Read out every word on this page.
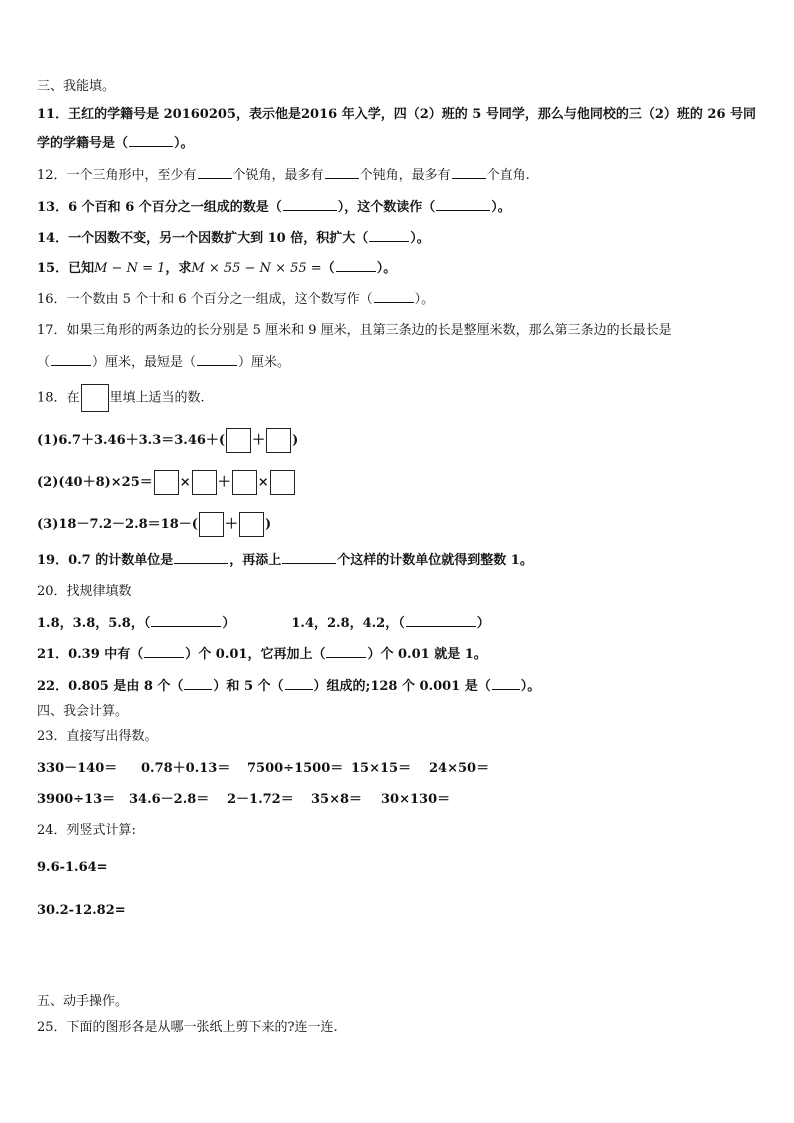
三、我能填。
11．王红的学籍号是 20160205，表示他是2016 年入学，四（2）班的 5 号同学，那么与他同校的三（2）班的 26 号同
学的学籍号是（	）。
12．一个三角形中，至少有	个锐角，最多有	个钝角，最多有	个直角.
13．6 个百和 6 个百分之一组成的数是（	），这个数读作（	）。
14．一个因数不变，另一个因数扩大到 10 倍，积扩大（	）。
15．已知M − N = 1，求M × 55 − N × 55 =（	）。
16．一个数由 5 个十和 6 个百分之一组成，这个数写作（	）。
17．如果三角形的两条边的长分别是 5 厘米和 9 厘米，且第三条边的长是整厘米数，那么第三条边的长最长是
（	）厘米，最短是（	）厘米。
18．在 里填上适当的数.
(1)6.7＋3.46＋3.3＝3.46＋( ＋ )
(2)(40＋8)×25＝ × ＋ ×
(3)18－7.2－2.8＝18－( ＋ )
19．0.7 的计数单位是	，再添上	个这样的计数单位就得到整数 1。
20．找规律填数
1.8，3.8，5.8，（	）	1.4，2.8，4.2，（	）
21．0.39 中有（	）个 0.01，它再加上（	）个 0.01 就是 1。
22．0.805 是由 8 个（ ）和 5 个（ ）组成的;128 个 0.001 是（ ）。
四、我会计算。
23．直接写出得数。
330－140＝ 0.78＋0.13＝ 7500÷1500＝ 15×15＝ 24×50＝
3900÷13＝ 34.6－2.8＝ 2－1.72＝ 35×8＝ 30×130＝
24．列竖式计算:
9.6-1.64=
30.2-12.82=
五、动手操作。
25．下面的图形各是从哪一张纸上剪下来的?连一连.
